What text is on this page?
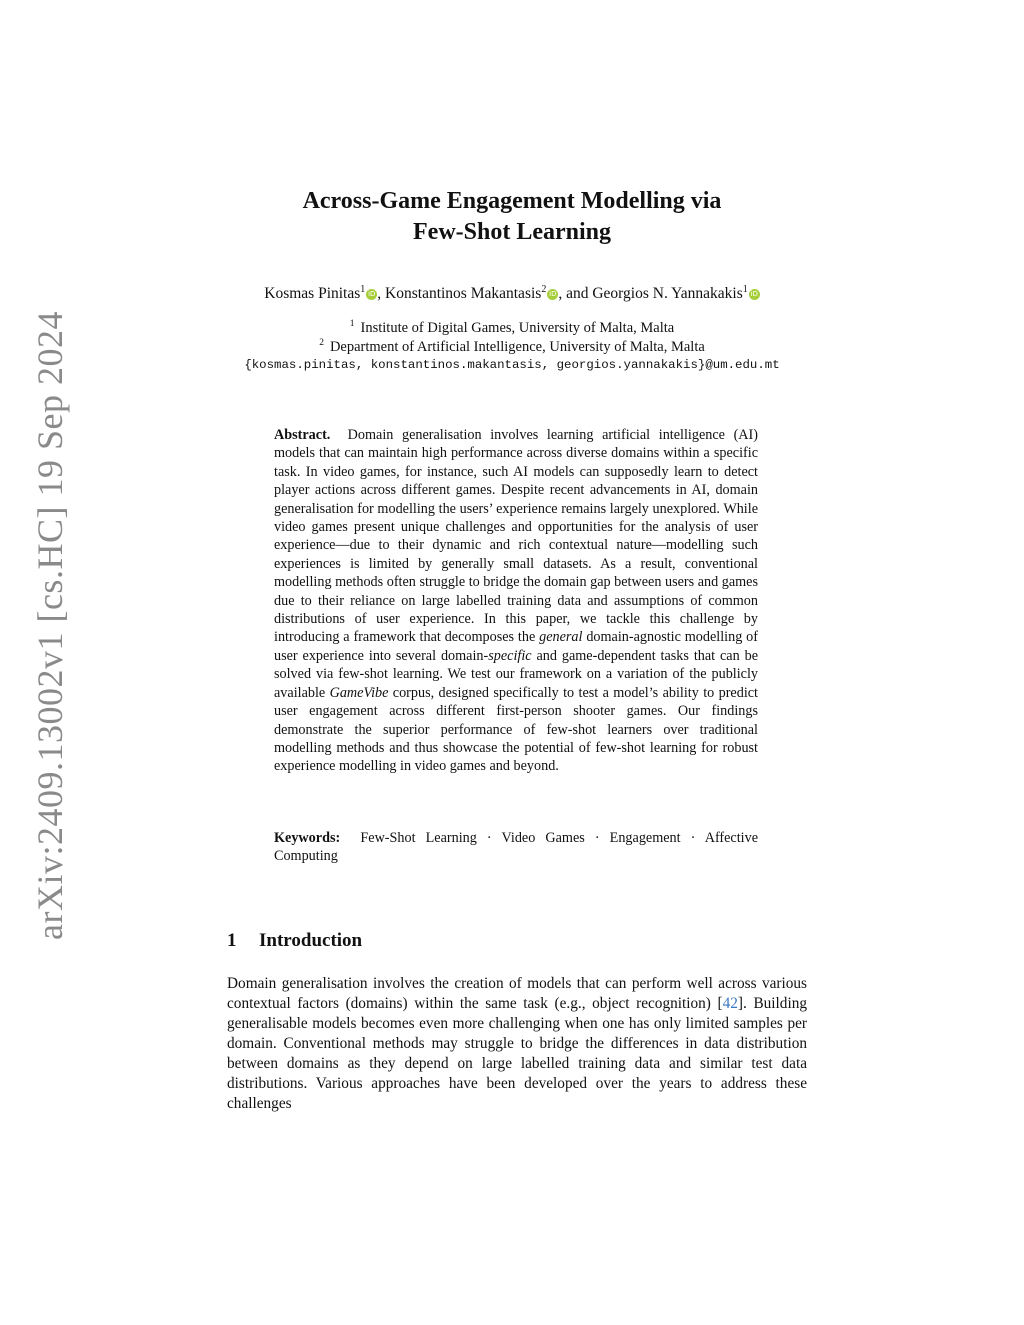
arXiv:2409.13002v1 [cs.HC] 19 Sep 2024
Across-Game Engagement Modelling via
Few-Shot Learning
Kosmas Pinitas$^1$ iD , Konstantinos Makantasis$^2$ iD , and Georgios N. Yannakakis$^1$ iD
$^1$ Institute of Digital Games, University of Malta, Malta
$^2$ Department of Artificial Intelligence, University of Malta, Malta
{kosmas.pinitas, konstantinos.makantasis, georgios.yannakakis}@um.edu.mt
Abstract. Domain generalisation involves learning artificial intelligence (AI) models that can maintain high performance across diverse domains within a specific task. In video games, for instance, such AI models can supposedly learn to detect player actions across different games. Despite recent advancements in AI, domain generalisation for modelling the users’ experience remains largely unexplored. While video games present unique challenges and opportunities for the analysis of user experience—due to their dynamic and rich contextual nature—modelling such experiences is limited by generally small datasets. As a result, conventional modelling methods often struggle to bridge the domain gap between users and games due to their reliance on large labelled training data and assumptions of common distributions of user experience. In this paper, we tackle this challenge by introducing a framework that decomposes the general domain-agnostic modelling of user experience into several domain-specific and game-dependent tasks that can be solved via few-shot learning. We test our framework on a variation of the publicly available GameVibe corpus, designed specifically to test a model’s ability to predict user engagement across different first-person shooter games. Our findings demonstrate the superior performance of few-shot learners over traditional modelling methods and thus showcase the potential of few-shot learning for robust experience modelling in video games and beyond.
Keywords: Few-Shot Learning · Video Games · Engagement · Affective Computing
1 Introduction
Domain generalisation involves the creation of models that can perform well across various contextual factors (domains) within the same task (e.g., object recognition) [42]. Building generalisable models becomes even more challenging when one has only limited samples per domain. Conventional methods may struggle to bridge the differences in data distribution between domains as they depend on large labelled training data and similar test data distributions. Various approaches have been developed over the years to address these challenges
